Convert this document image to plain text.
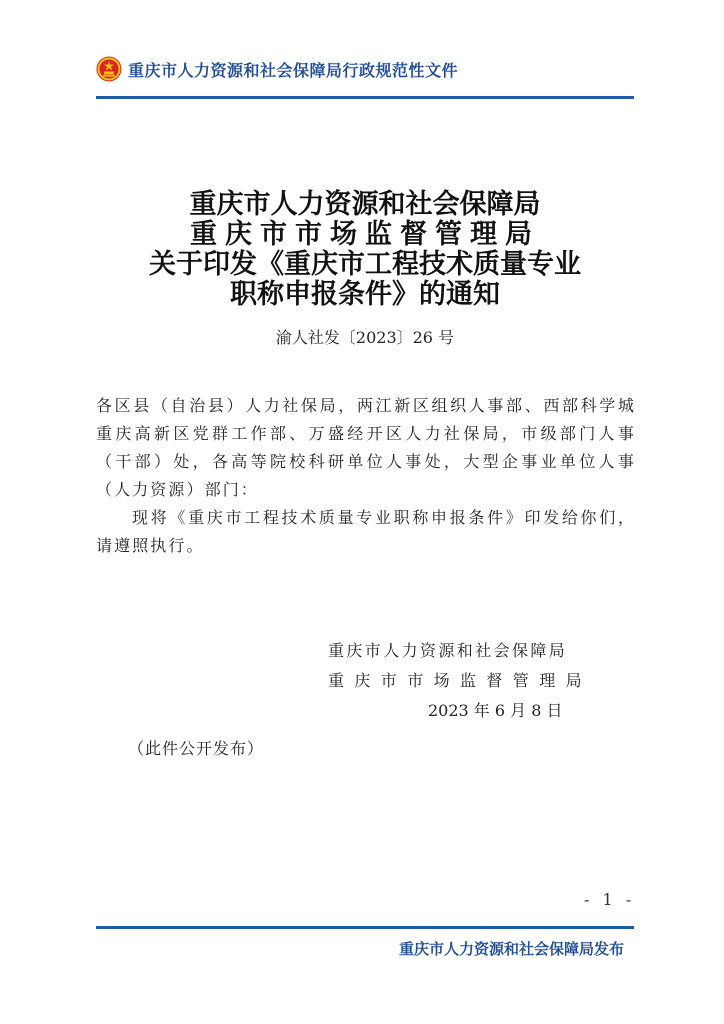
重庆市人力资源和社会保障局行政规范性文件
重庆市人力资源和社会保障局
重庆市市场监督管理局
关于印发《重庆市工程技术质量专业
职称申报条件》的通知
渝人社发〔2023〕26 号

各区县（自治县）人力社保局，两江新区组织人事部、西部科学城重庆高新区党群工作部、万盛经开区人力社保局，市级部门人事（干部）处，各高等院校科研单位人事处，大型企事业单位人事（人力资源）部门：

现将《重庆市工程技术质量专业职称申报条件》印发给你们，请遵照执行。

重庆市人力资源和社会保障局
重庆市市场监督管理局
2023 年 6 月 8 日
（此件公开发布）
- 1 -
重庆市人力资源和社会保障局发布
